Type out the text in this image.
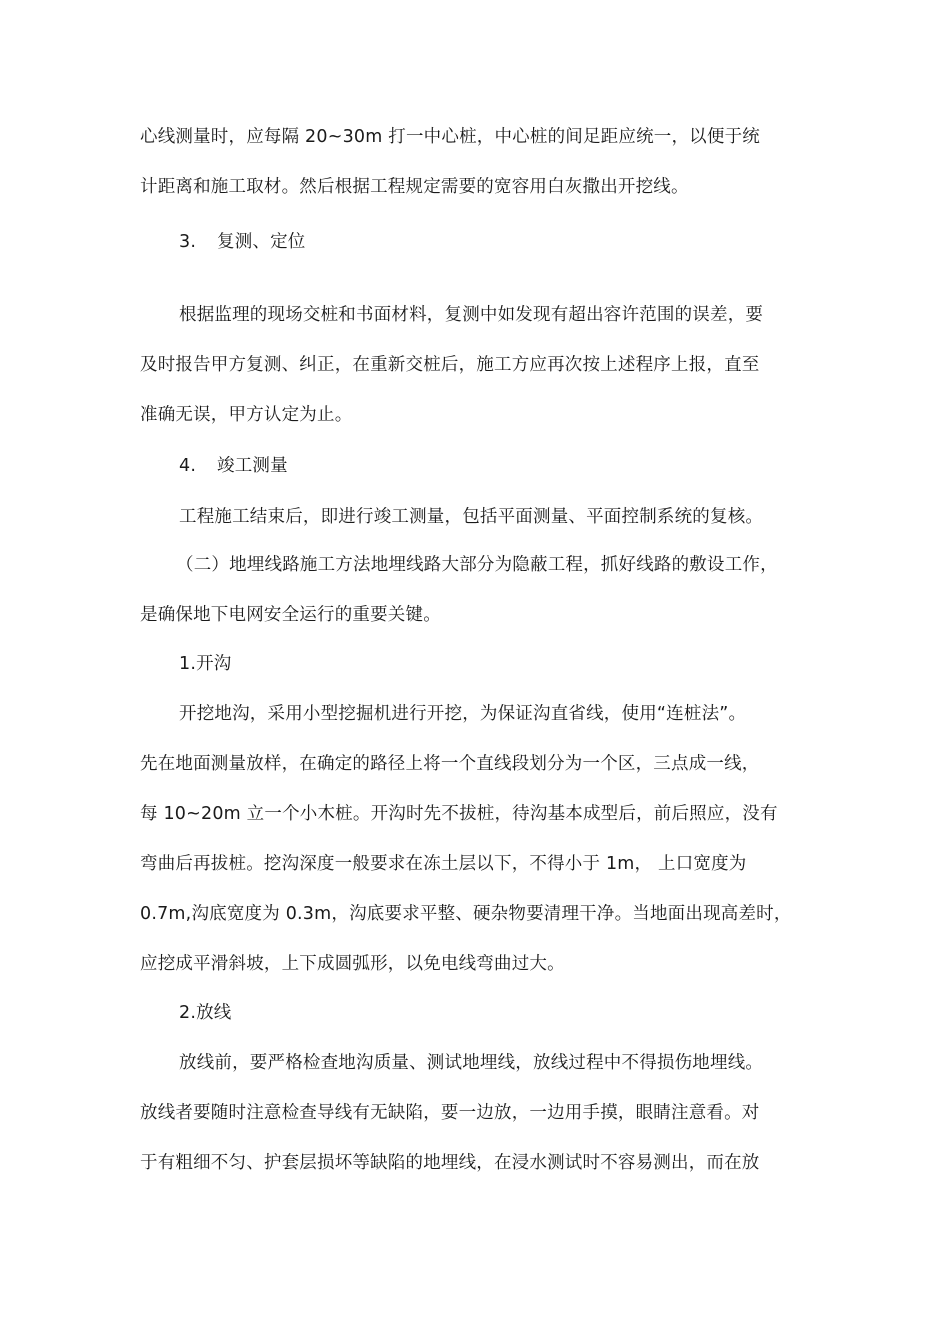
心线测量时，应每隔 20~30m 打一中心桩，中心桩的间足距应统一，以便于统
计距离和施工取材。然后根据工程规定需要的宽容用白灰撒出开挖线。
3. 复测、定位
根据监理的现场交桩和书面材料，复测中如发现有超出容许范围的误差，要
及时报告甲方复测、纠正，在重新交桩后，施工方应再次按上述程序上报，直至
准确无误，甲方认定为止。
4. 竣工测量
工程施工结束后，即进行竣工测量，包括平面测量、平面控制系统的复核。
（二）地埋线路施工方法地埋线路大部分为隐蔽工程，抓好线路的敷设工作，
是确保地下电网安全运行的重要关键。
1.开沟
开挖地沟，采用小型挖掘机进行开挖，为保证沟直省线，使用“连桩法”。
先在地面测量放样，在确定的路径上将一个直线段划分为一个区，三点成一线，
每 10~20m 立一个小木桩。开沟时先不拔桩，待沟基本成型后，前后照应，没有
弯曲后再拔桩。挖沟深度一般要求在冻土层以下，不得小于 1m， 上口宽度为
0.7m,沟底宽度为 0.3m，沟底要求平整、硬杂物要清理干净。当地面出现高差时，
应挖成平滑斜坡，上下成圆弧形，以免电线弯曲过大。
2.放线
放线前，要严格检查地沟质量、测试地埋线，放线过程中不得损伤地埋线。
放线者要随时注意检查导线有无缺陷，要一边放，一边用手摸，眼睛注意看。对
于有粗细不匀、护套层损坏等缺陷的地埋线，在浸水测试时不容易测出，而在放
